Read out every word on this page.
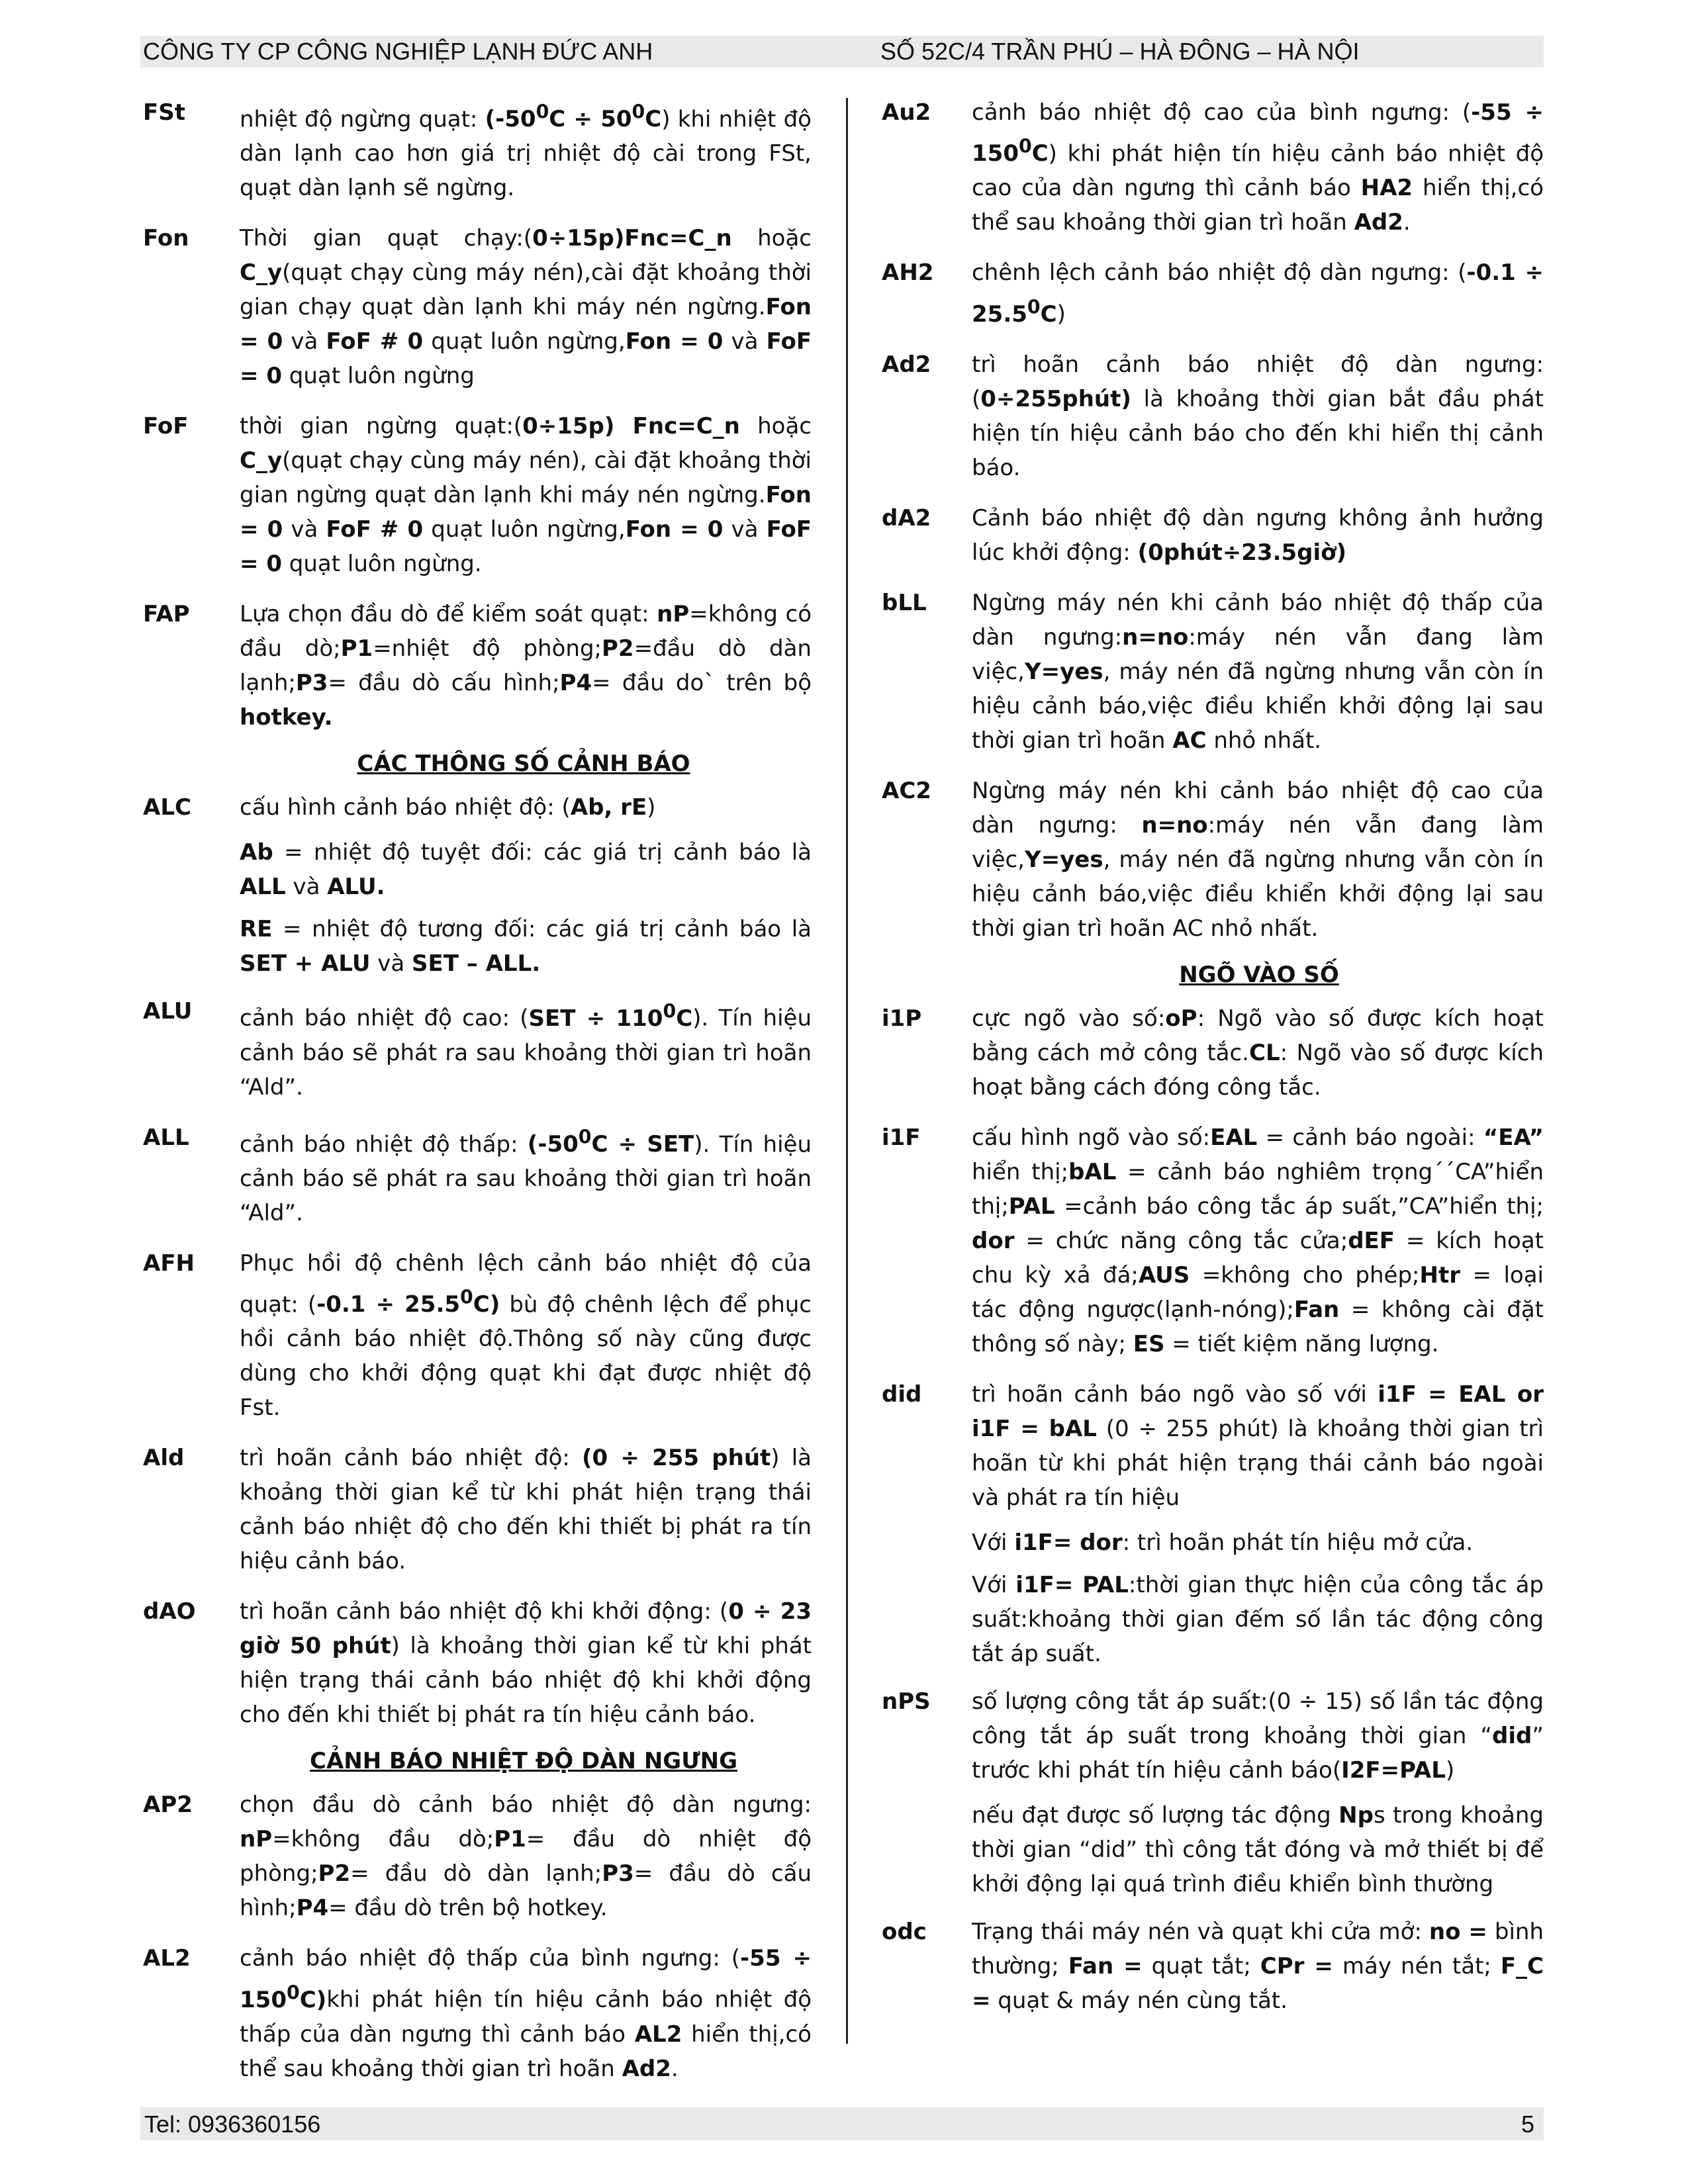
CÔNG TY CP CÔNG NGHIỆP LẠNH ĐỨC ANH	SỐ 52C/4 TRẦN PHÚ – HÀ ĐÔNG – HÀ NỘI
FSt nhiệt độ ngừng quạt: $(-50^0C \div 50^0C)$ khi nhiệt độ dàn lạnh cao hơn giá trị nhiệt độ cài trong FSt, quạt dàn lạnh sẽ ngừng.
Fon Thời gian quạt chạy:(0÷15p)Fnc=C_n hoặc C_y(quạt chạy cùng máy nén),cài đặt khoảng thời gian chạy quạt dàn lạnh khi máy nén ngừng.Fon = 0 và FoF # 0 quạt luôn ngừng,Fon = 0 và FoF = 0 quạt luôn ngừng
FoF thời gian ngừng quạt:(0÷15p) Fnc=C_n hoặc C_y(quạt chạy cùng máy nén), cài đặt khoảng thời gian ngừng quạt dàn lạnh khi máy nén ngừng.Fon = 0 và FoF # 0 quạt luôn ngừng,Fon = 0 và FoF = 0 quạt luôn ngừng.
FAP Lựa chọn đầu dò để kiểm soát quạt: nP=không có đầu dò;P1=nhiệt độ phòng;P2=đầu dò dàn lạnh;P3= đầu dò cấu hình;P4= đầu do` trên bộ hotkey.
CÁC THÔNG SỐ CẢNH BÁO
ALC cấu hình cảnh báo nhiệt độ: (Ab, rE)
Ab = nhiệt độ tuyệt đối: các giá trị cảnh báo là ALL và ALU.
RE = nhiệt độ tương đối: các giá trị cảnh báo là SET + ALU và SET – ALL.
ALU cảnh báo nhiệt độ cao: $(SET \div 110^0C)$. Tín hiệu cảnh báo sẽ phát ra sau khoảng thời gian trì hoãn “Ald”.
ALL cảnh báo nhiệt độ thấp: $(-50^0C \div SET)$. Tín hiệu cảnh báo sẽ phát ra sau khoảng thời gian trì hoãn “Ald”.
AFH Phục hồi độ chênh lệch cảnh báo nhiệt độ của quạt: $(-0.1 \div 25.5^0C)$ bù độ chênh lệch để phục hồi cảnh báo nhiệt độ.Thông số này cũng được dùng cho khởi động quạt khi đạt được nhiệt độ Fst.
Ald trì hoãn cảnh báo nhiệt độ: (0 ÷ 255 phút) là khoảng thời gian kể từ khi phát hiện trạng thái cảnh báo nhiệt độ cho đến khi thiết bị phát ra tín hiệu cảnh báo.
dAO trì hoãn cảnh báo nhiệt độ khi khởi động: (0 ÷ 23 giờ 50 phút) là khoảng thời gian kể từ khi phát hiện trạng thái cảnh báo nhiệt độ khi khởi động cho đến khi thiết bị phát ra tín hiệu cảnh báo.
CẢNH BÁO NHIỆT ĐỘ DÀN NGƯNG
AP2 chọn đầu dò cảnh báo nhiệt độ dàn ngưng: nP=không đầu dò;P1= đầu dò nhiệt độ phòng;P2= đầu dò dàn lạnh;P3= đầu dò cấu hình;P4= đầu dò trên bộ hotkey.
AL2 cảnh báo nhiệt độ thấp của bình ngưng: $(-55 \div 150^0C)khi$ phát hiện tín hiệu cảnh báo nhiệt độ thấp của dàn ngưng thì cảnh báo AL2 hiển thị,có thể sau khoảng thời gian trì hoãn Ad2.
Au2 cảnh báo nhiệt độ cao của bình ngưng: $(-55 \div 150^0C)$ khi phát hiện tín hiệu cảnh báo nhiệt độ cao của dàn ngưng thì cảnh báo HA2 hiển thị,có thể sau khoảng thời gian trì hoãn Ad2.
AH2 chênh lệch cảnh báo nhiệt độ dàn ngưng: $(-0.1 \div 25.5^0C)$
Ad2 trì hoãn cảnh báo nhiệt độ dàn ngưng:(0÷255phút) là khoảng thời gian bắt đầu phát hiện tín hiệu cảnh báo cho đến khi hiển thị cảnh báo.
dA2 Cảnh báo nhiệt độ dàn ngưng không ảnh hưởng lúc khởi động: (0phút÷23.5giờ)
bLL Ngừng máy nén khi cảnh báo nhiệt độ thấp của dàn ngưng:n=no:máy nén vẫn đang làm việc,Y=yes, máy nén đã ngừng nhưng vẫn còn ín hiệu cảnh báo,việc điều khiển khởi động lại sau thời gian trì hoãn AC nhỏ nhất.
AC2 Ngừng máy nén khi cảnh báo nhiệt độ cao của dàn ngưng: n=no:máy nén vẫn đang làm việc,Y=yes, máy nén đã ngừng nhưng vẫn còn ín hiệu cảnh báo,việc điều khiển khởi động lại sau thời gian trì hoãn AC nhỏ nhất.
NGÕ VÀO SỐ
i1P cực ngõ vào số:oP: Ngõ vào số được kích hoạt bằng cách mở công tắc.CL: Ngõ vào số được kích hoạt bằng cách đóng công tắc.
i1F cấu hình ngõ vào số:EAL = cảnh báo ngoài: “EA” hiển thị;bAL = cảnh báo nghiêm trọng´´CA”hiển thị;PAL =cảnh báo công tắc áp suất,”CA”hiển thị; dor = chức năng công tắc cửa;dEF = kích hoạt chu kỳ xả đá;AUS =không cho phép;Htr = loại tác động ngược(lạnh-nóng);Fan = không cài đặt thông số này; ES = tiết kiệm năng lượng.
did trì hoãn cảnh báo ngõ vào số với i1F = EAL or i1F = bAL (0 ÷ 255 phút) là khoảng thời gian trì hoãn từ khi phát hiện trạng thái cảnh báo ngoài và phát ra tín hiệu
Với i1F= dor: trì hoãn phát tín hiệu mở cửa.
Với i1F= PAL:thời gian thực hiện của công tắc áp suất:khoảng thời gian đếm số lần tác động công tắt áp suất.
nPS số lượng công tắt áp suất:(0 ÷ 15) số lần tác động công tắt áp suất trong khoảng thời gian “did” trước khi phát tín hiệu cảnh báo(I2F=PAL)
nếu đạt được số lượng tác động Nps trong khoảng thời gian “did” thì công tắt đóng và mở thiết bị để khởi động lại quá trình điều khiển bình thường
odc Trạng thái máy nén và quạt khi cửa mở: no = bình thường; Fan = quạt tắt; CPr = máy nén tắt; F_C = quạt & máy nén cùng tắt.
Tel: 0936360156	5
